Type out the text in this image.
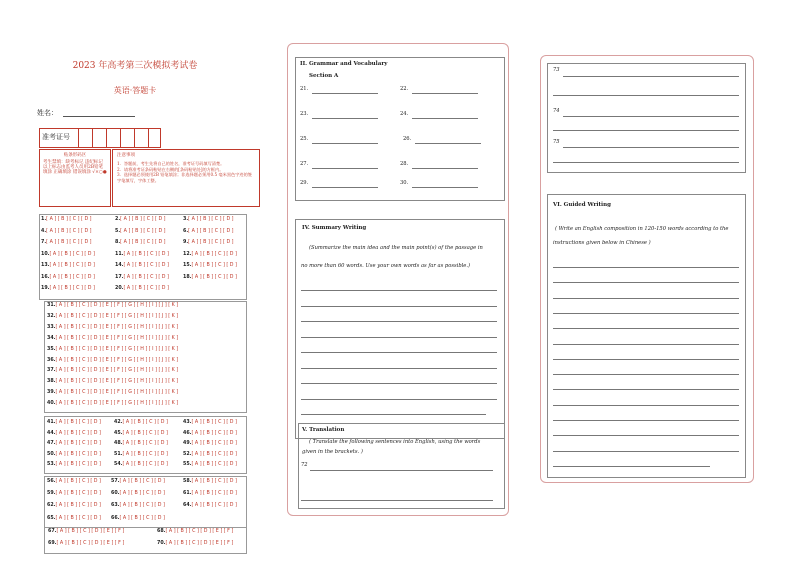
2023 年高考第三次模拟考试卷
英语·答题卡
姓名：
准考证号
贴条形码区
考生禁填：缺考标记 违纪标记 以上标志由监考人员用2B铅笔填涂 正确填涂 错误填涂 √×○●
注意事项
1．答题前，考生先将自己的姓名，准考证号码填写清楚。
2．请将准考证条码粘贴在右侧的[条码粘贴处]的方框内。
3．选择题必须使用2B 铅笔填涂；非选择题必须用0.5 毫米黑色字迹的签字笔填写，字体工整。
1.[ A ] [ B ] [ C ] [ D ]	2.[ A ] [ B ] [ C ] [ D ]	3.[ A ] [ B ] [ C ] [ D ]
4.[ A ] [ B ] [ C ] [ D ]	5.[ A ] [ B ] [ C ] [ D ]	6.[ A ] [ B ] [ C ] [ D ]
7.[ A ] [ B ] [ C ] [ D ]	8.[ A ] [ B ] [ C ] [ D ]	9.[ A ] [ B ] [ C ] [ D ]
10.[ A ] [ B ] [ C ] [ D ]	11.[ A ] [ B ] [ C ] [ D ]	12.[ A ] [ B ] [ C ] [ D ]
13.[ A ] [ B ] [ C ] [ D ]	14.[ A ] [ B ] [ C ] [ D ]	15.[ A ] [ B ] [ C ] [ D ]
16.[ A ] [ B ] [ C ] [ D ]	17.[ A ] [ B ] [ C ] [ D ]	18.[ A ] [ B ] [ C ] [ D ]
19.[ A ] [ B ] [ C ] [ D ]	20.[ A ] [ B ] [ C ] [ D ]
31.[ A ] [ B ] [ C ] [ D ] [ E ] [ F ] [ G ] [ H ] [ I ] [ J ] [ K ]
32.[ A ] [ B ] [ C ] [ D ] [ E ] [ F ] [ G ] [ H ] [ I ] [ J ] [ K ]
33.[ A ] [ B ] [ C ] [ D ] [ E ] [ F ] [ G ] [ H ] [ I ] [ J ] [ K ]
34.[ A ] [ B ] [ C ] [ D ] [ E ] [ F ] [ G ] [ H ] [ I ] [ J ] [ K ]
35.[ A ] [ B ] [ C ] [ D ] [ E ] [ F ] [ G ] [ H ] [ I ] [ J ] [ K ]
36.[ A ] [ B ] [ C ] [ D ] [ E ] [ F ] [ G ] [ H ] [ I ] [ J ] [ K ]
37.[ A ] [ B ] [ C ] [ D ] [ E ] [ F ] [ G ] [ H ] [ I ] [ J ] [ K ]
38.[ A ] [ B ] [ C ] [ D ] [ E ] [ F ] [ G ] [ H ] [ I ] [ J ] [ K ]
39.[ A ] [ B ] [ C ] [ D ] [ E ] [ F ] [ G ] [ H ] [ I ] [ J ] [ K ]
40.[ A ] [ B ] [ C ] [ D ] [ E ] [ F ] [ G ] [ H ] [ I ] [ J ] [ K ]
41.[ A ] [ B ] [ C ] [ D ]	42.[ A ] [ B ] [ C ] [ D ]	43.[ A ] [ B ] [ C ] [ D ]
44.[ A ] [ B ] [ C ] [ D ]	45.[ A ] [ B ] [ C ] [ D ]	46.[ A ] [ B ] [ C ] [ D ]
47.[ A ] [ B ] [ C ] [ D ]	48.[ A ] [ B ] [ C ] [ D ]	49.[ A ] [ B ] [ C ] [ D ]
50.[ A ] [ B ] [ C ] [ D ]	51.[ A ] [ B ] [ C ] [ D ]	52.[ A ] [ B ] [ C ] [ D ]
53.[ A ] [ B ] [ C ] [ D ]	54.[ A ] [ B ] [ C ] [ D ]	55.[ A ] [ B ] [ C ] [ D ]
56.[ A ] [ B ] [ C ] [ D ] 57.[ A ] [ B ] [ C ] [ D ]	58.[ A ] [ B ] [ C ] [ D ]
59.[ A ] [ B ] [ C ] [ D ] 60.[ A ] [ B ] [ C ] [ D ]	61.[ A ] [ B ] [ C ] [ D ]
62.[ A ] [ B ] [ C ] [ D ] 63.[ A ] [ B ] [ C ] [ D ]	64.[ A ] [ B ] [ C ] [ D ]
65.[ A ] [ B ] [ C ] [ D ] 66.[ A ] [ B ] [ C ] [ D ]
67.[ A ] [ B ] [ C ] [ D ] [ E ] [ F ]	68.[ A ] [ B ] [ C ] [ D ] [ E ] [ F ]
69.[ A ] [ B ] [ C ] [ D ] [ E ] [ F ]	70.[ A ] [ B ] [ C ] [ D ] [ E ] [ F ]
II. Grammar and Vocabulary
Section A
21.	22.
23.	24.
25.	26.
27.	28.
29.	30.
IV. Summary Writing
(Summarize the main idea and the main point(s) of the passage in
no more than 60 words. Use your own words as far as possible.)
V. Translation
( Translate the following sentences into English, using the words
given in the brackets. )
72
73
74
75
VI. Guided Writing
( Write an English composition in 120-150 words according to the
instructions given below in Chinese )
